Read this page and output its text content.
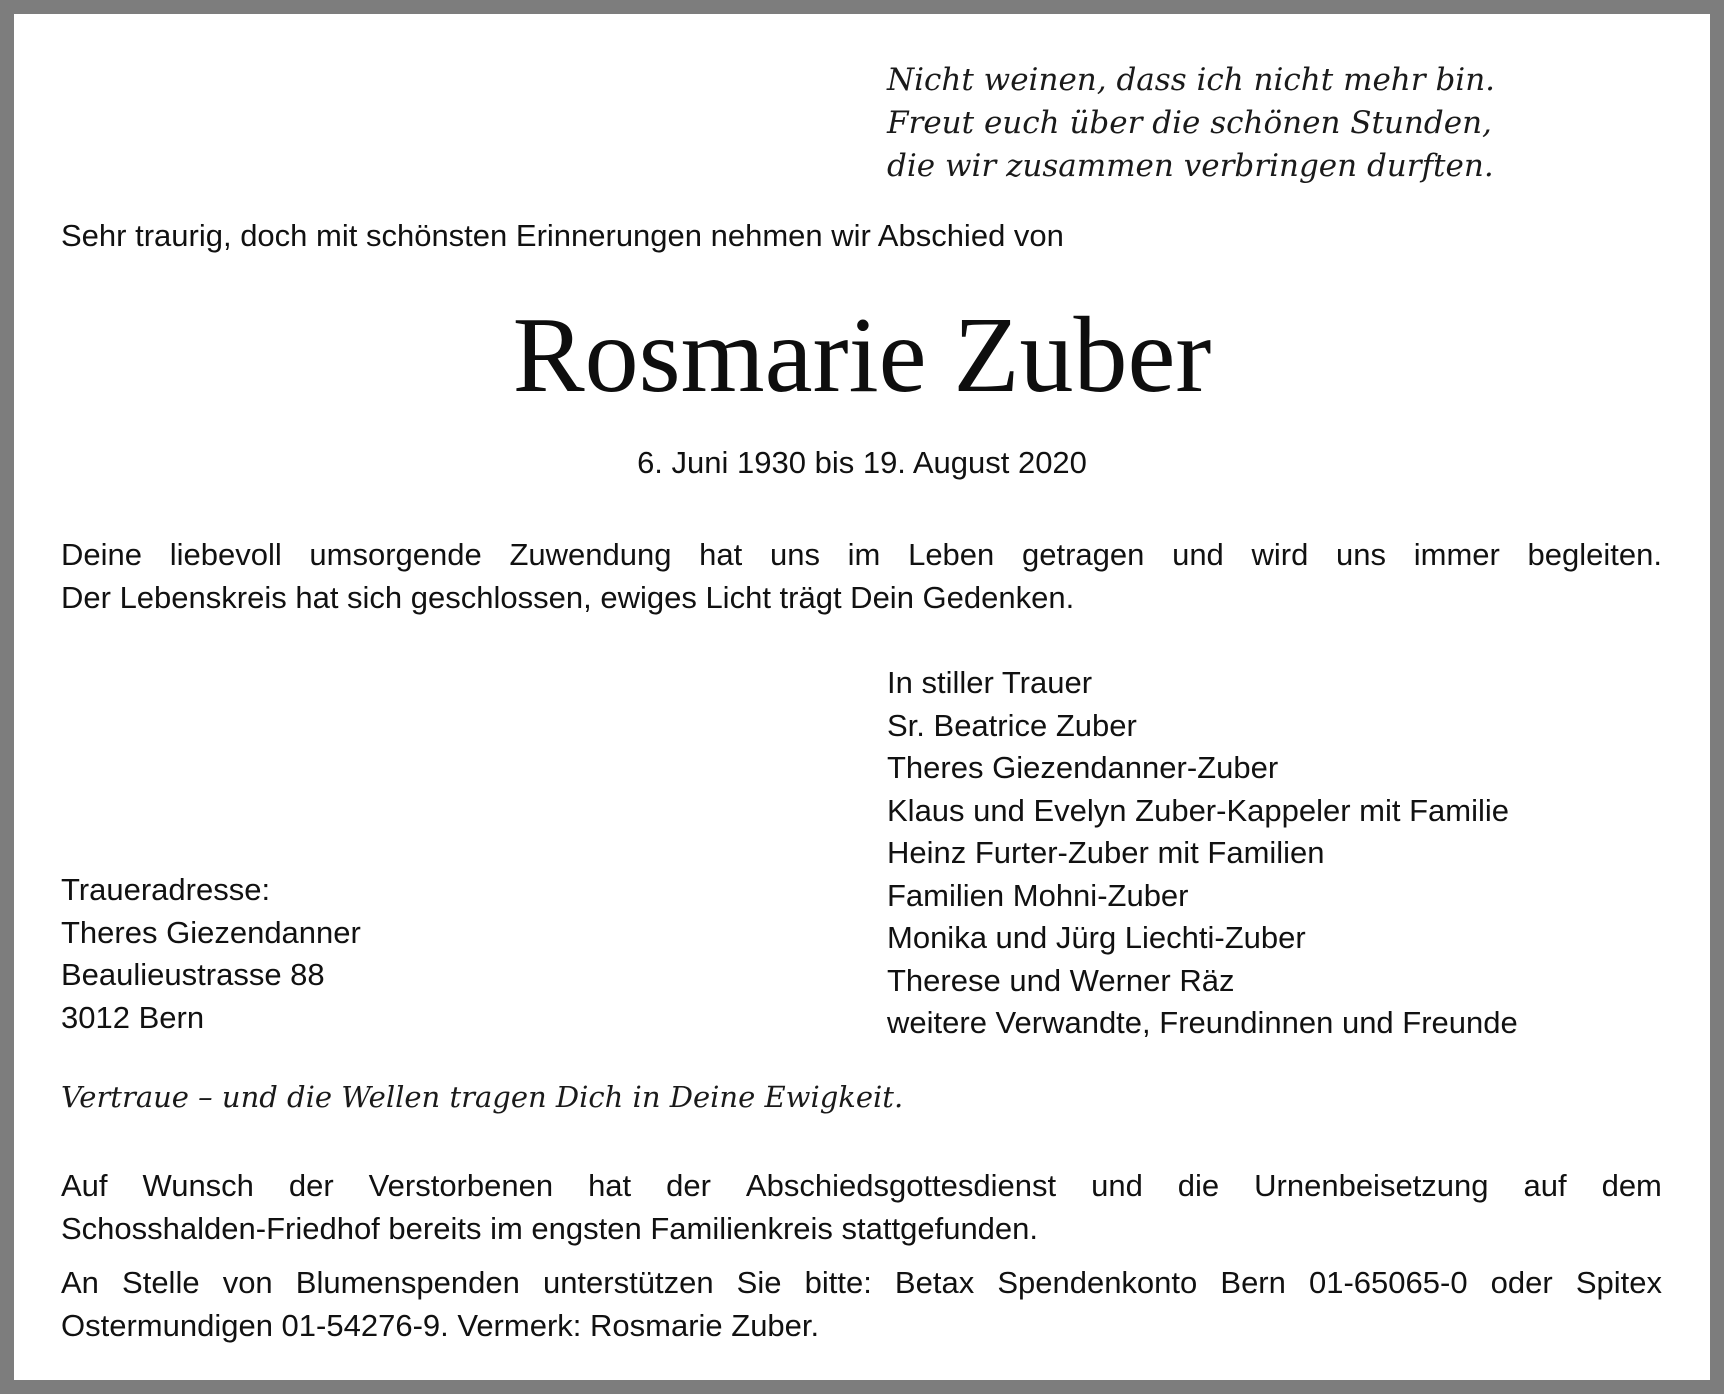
Nicht weinen, dass ich nicht mehr bin.
Freut euch über die schönen Stunden,
die wir zusammen verbringen durften.
Sehr traurig, doch mit schönsten Erinnerungen nehmen wir Abschied von
Rosmarie Zuber
6. Juni 1930 bis 19. August 2020
Deine liebevoll umsorgende Zuwendung hat uns im Leben getragen und wird uns immer begleiten.
Der Lebenskreis hat sich geschlossen, ewiges Licht trägt Dein Gedenken.
In stiller Trauer
Sr. Beatrice Zuber
Theres Giezendanner-Zuber
Klaus und Evelyn Zuber-Kappeler mit Familie
Heinz Furter-Zuber mit Familien
Familien Mohni-Zuber
Monika und Jürg Liechti-Zuber
Therese und Werner Räz
weitere Verwandte, Freundinnen und Freunde
Traueradresse:
Theres Giezendanner
Beaulieustrasse 88
3012 Bern
Vertraue – und die Wellen tragen Dich in Deine Ewigkeit.
Auf Wunsch der Verstorbenen hat der Abschiedsgottesdienst und die Urnenbeisetzung auf dem
Schosshalden-Friedhof bereits im engsten Familienkreis stattgefunden.
An Stelle von Blumenspenden unterstützen Sie bitte: Betax Spendenkonto Bern 01-65065-0 oder Spitex
Ostermundigen 01-54276-9. Vermerk: Rosmarie Zuber.
